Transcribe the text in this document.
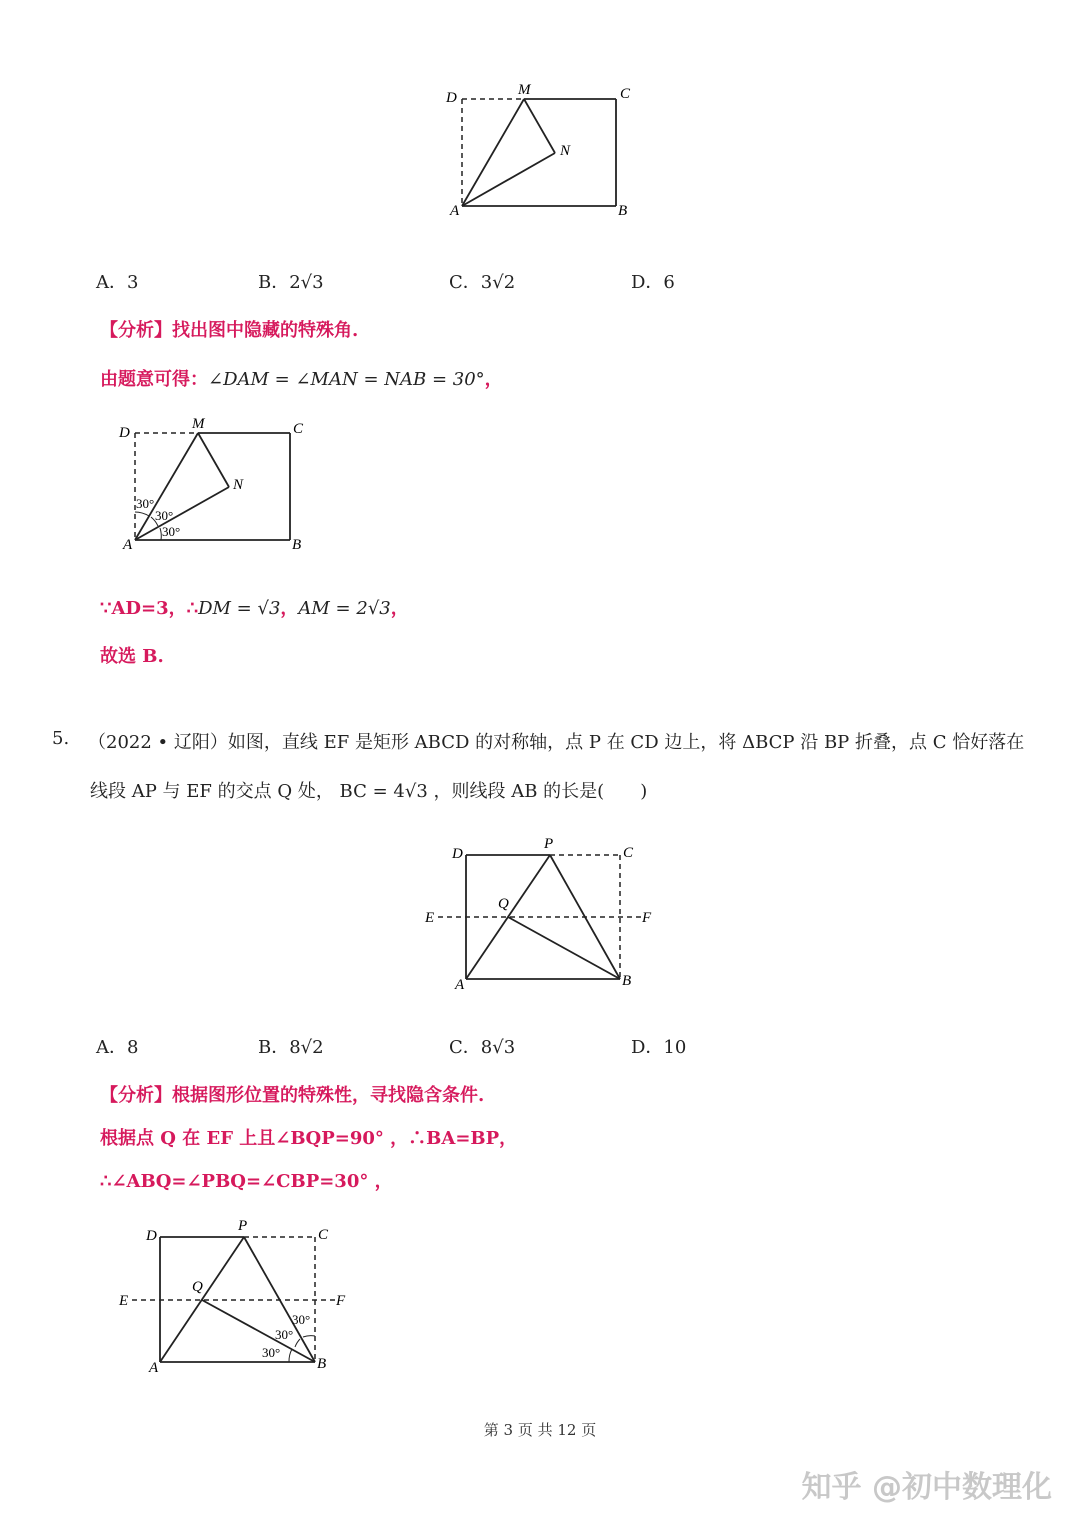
D	M	C
N
A	B
A．3	B．2√3	C．3√2	D．6
【分析】找出图中隐藏的特殊角.
由题意可得：∠DAM = ∠MAN = NAB = 30°，
D
M	C
N
A	B
30°
30°
30°
∵AD=3，∴DM = √3，AM = 2√3，
故选 B.
5. （2022 • 辽阳）如图，直线 EF 是矩形 ABCD 的对称轴，点 P 在 CD 边上，将 ΔBCP 沿 BP 折叠，点 C 恰好落在
线段 AP 与 EF 的交点 Q 处， BC = 4√3 ，则线段 AB 的长是(　　)
D
P
C
E
Q
F
A	B
A．8	B．8√2	C．8√3	D．10
【分析】根据图形位置的特殊性，寻找隐含条件.
根据点 Q 在 EF 上且∠BQP=90° ，∴BA=BP，
∴∠ABQ=∠PBQ=∠CBP=30° ，
D
P
C
E
Q
F
A	B
30°
30°
30°
第 3 页 共 12 页
知乎 @初中数理化
